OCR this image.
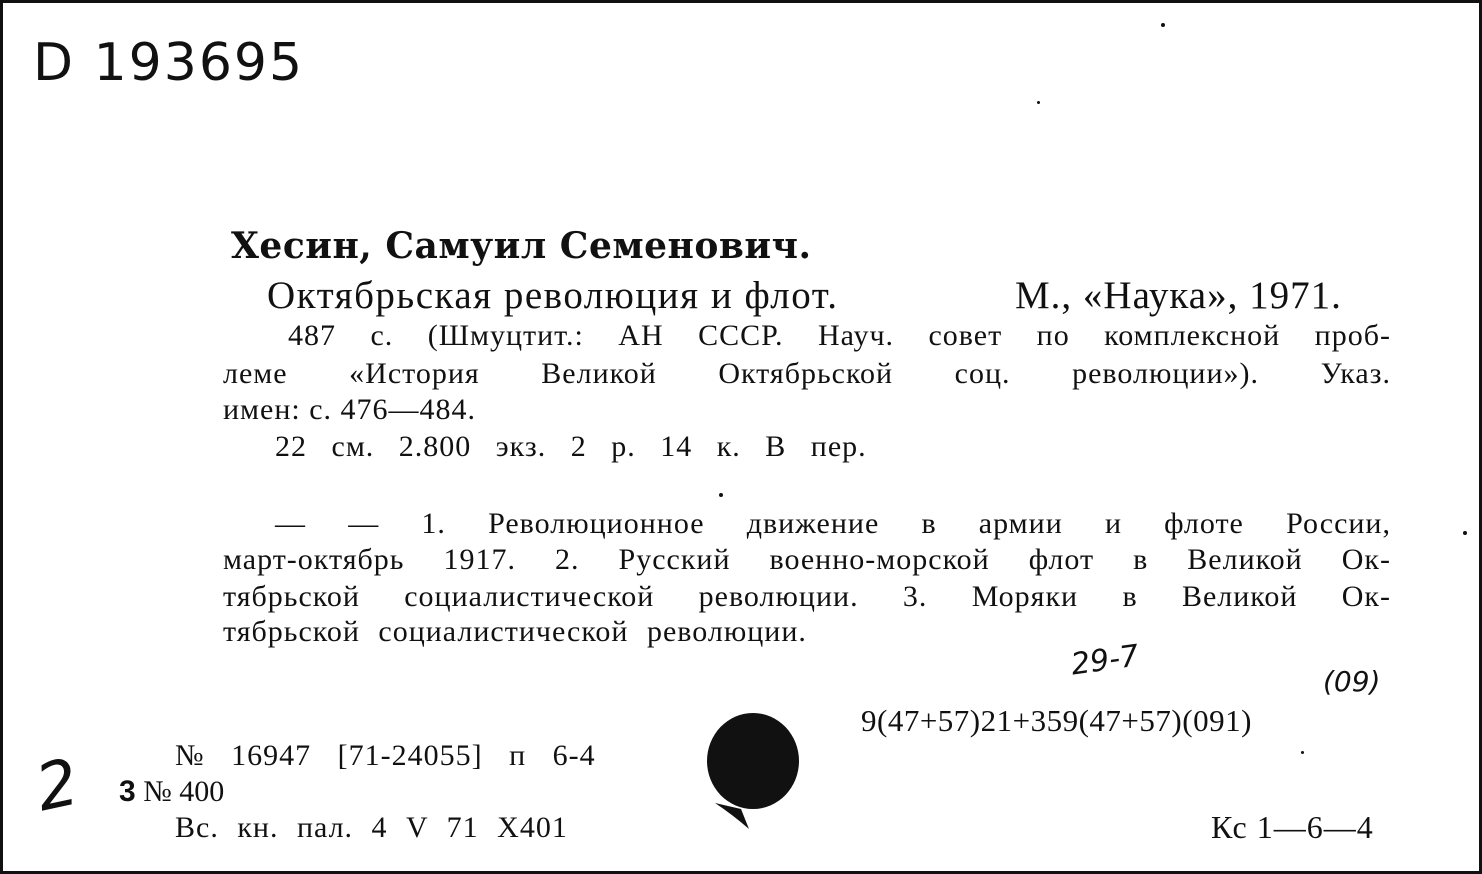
D 193695
Хесин, Самуил Семенович.
Октябрьская революция и флот.	М., «Наука», 1971.
487 с. (Шмуцтит.: АН СССР. Науч. совет по комплексной проб-
леме «История Великой Октябрьской соц. революции»). Указ.
имен: с. 476—484.
22 см. 2.800 экз. 2 р. 14 к. В пер.
— — 1. Революционное движение в армии и флоте России,
март-октябрь 1917. 2. Русский военно-морской флот в Великой Ок-
тябрьской социалистической революции. 3. Моряки в Великой Ок-
тябрьской социалистической революции.
29-7	(09)
9(47+57)21+359(47+57)(091)
№ 16947 [71-24055] п 6-4
3 № 400
Вс. кн. пал. 4 V 71 Х401	Кс 1—6—4
2
